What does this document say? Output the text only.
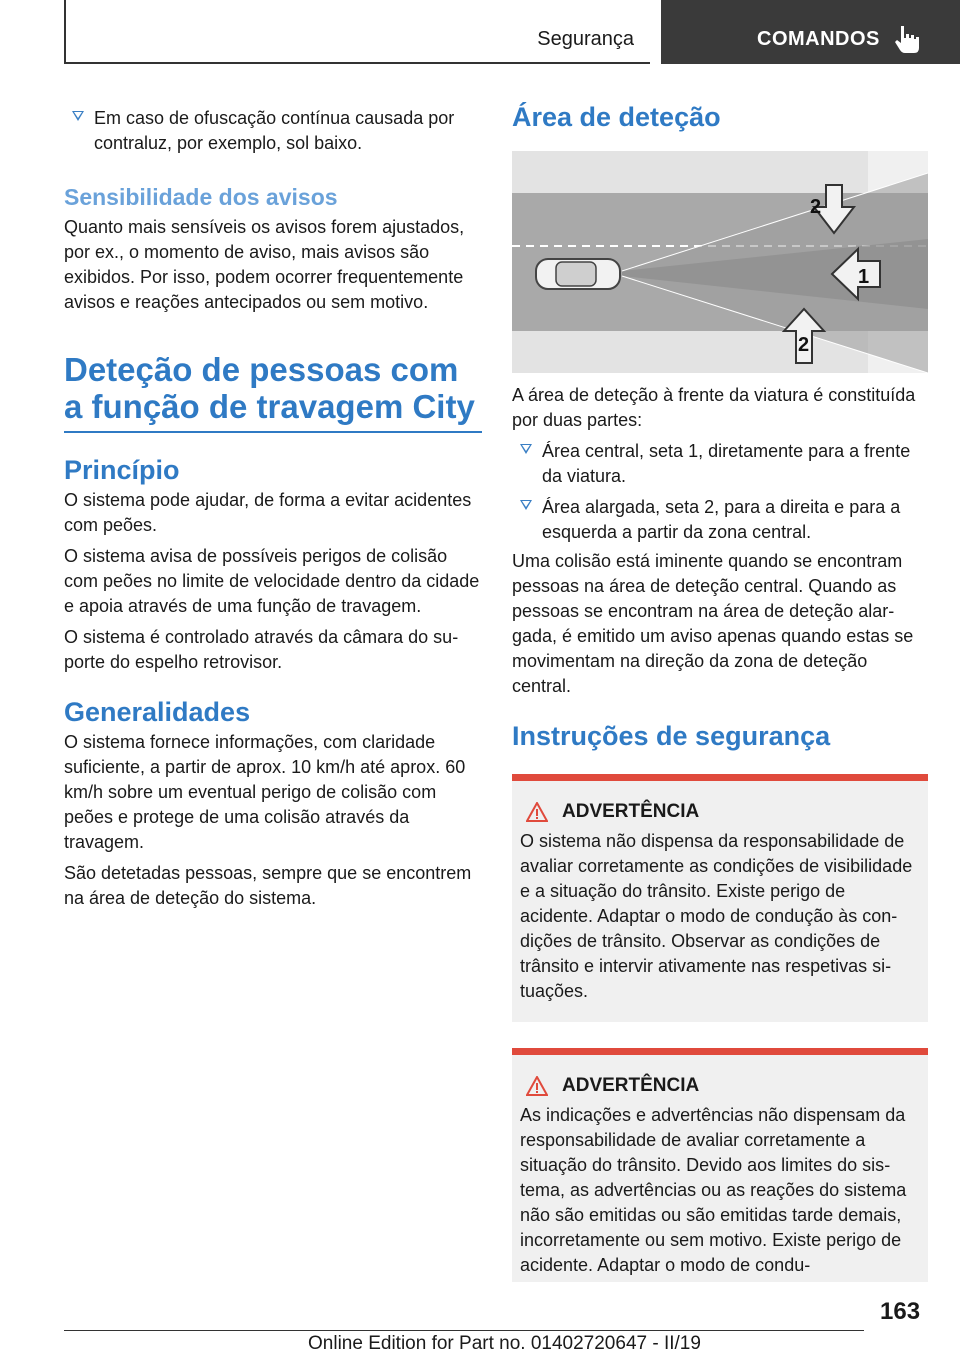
Segurança	COMANDOS
Em caso de ofuscação contínua causada por contraluz, por exemplo, sol baixo.
Sensibilidade dos avisos

Quanto mais sensíveis os avisos forem ajustados, por ex., o momento de aviso, mais avisos são exibidos. Por isso, podem ocorrer frequentemente avisos e reações antecipados ou sem motivo.

Deteção de pessoas com a função de travagem City
Princípio

O sistema pode ajudar, de forma a evitar acidentes com peões.

O sistema avisa de possíveis perigos de colisão com peões no limite de velocidade dentro da cidade e apoia através de uma função de travagem.

O sistema é controlado através da câmara do suporte do espelho retrovisor.

Generalidades

O sistema fornece informações, com claridade suficiente, a partir de aprox. 10 km/h até aprox. 60 km/h sobre um eventual perigo de colisão com peões e protege de uma colisão através da travagem.

São detetadas pessoas, sempre que se encontrem na área de deteção do sistema.

Área de deteção
1
2
2

A área de deteção à frente da viatura é constituída por duas partes:

Área central, seta 1, diretamente para a frente da viatura.
Área alargada, seta 2, para a direita e para a esquerda a partir da zona central.

Uma colisão está iminente quando se encontram pessoas na área de deteção central. Quando as pessoas se encontram na área de deteção alargada, é emitido um aviso apenas quando estas se movimentam na direção da zona de deteção central.

Instruções de segurança
ADVERTÊNCIA

O sistema não dispensa da responsabilidade de avaliar corretamente as condições de visibilidade e a situação do trânsito. Existe perigo de acidente. Adaptar o modo de condução às condições de trânsito. Observar as condições de trânsito e intervir ativamente nas respetivas situações.

ADVERTÊNCIA

As indicações e advertências não dispensam da responsabilidade de avaliar corretamente a situação do trânsito. Devido aos limites do sistema, as advertências ou as reações do sistema não são emitidas ou são emitidas tarde demais, incorretamente ou sem motivo. Existe perigo de acidente. Adaptar o modo de condu-

163
Online Edition for Part no. 01402720647 - II/19
